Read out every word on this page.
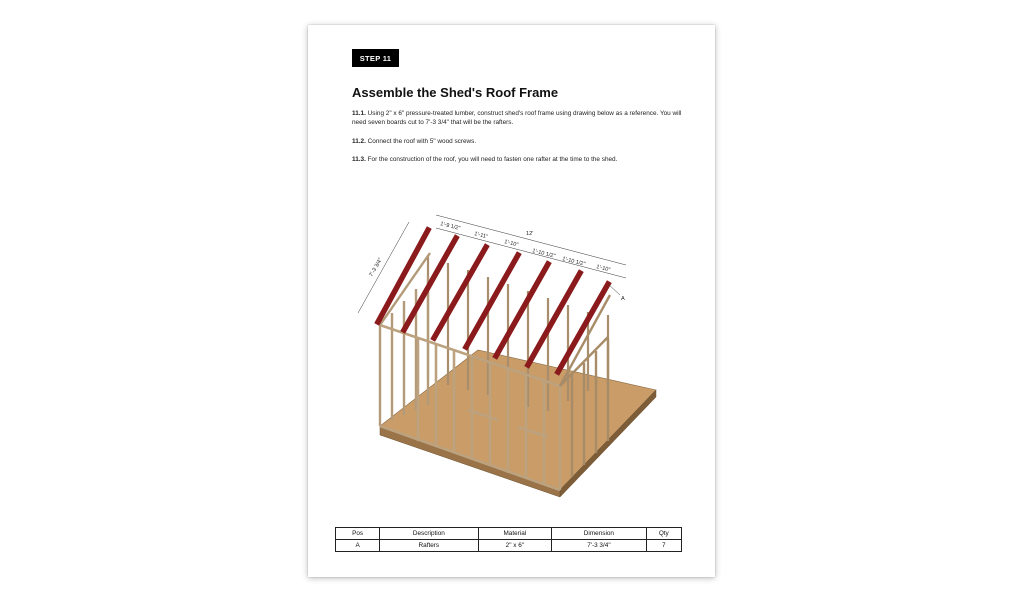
STEP 11
Assemble the Shed's Roof Frame
11.1. Using 2" x 6" pressure-treated lumber, construct shed's roof frame using drawing below as a reference. You will need seven boards cut to 7'-3 3/4" that will be the rafters.
11.2. Connect the roof with 5" wood screws.
11.3. For the construction of the roof, you will need to fasten one rafter at the time to the shed.
7'-3 3/4"
12'
1'-9 1/2"
1'-11"
1'-10"
1'-10 1/2"
1'-10 1/2"
1'-10"
A
Pos	Description	Material	Dimension	Qty
A	Rafters	2" x 6"	7'-3 3/4"	7
